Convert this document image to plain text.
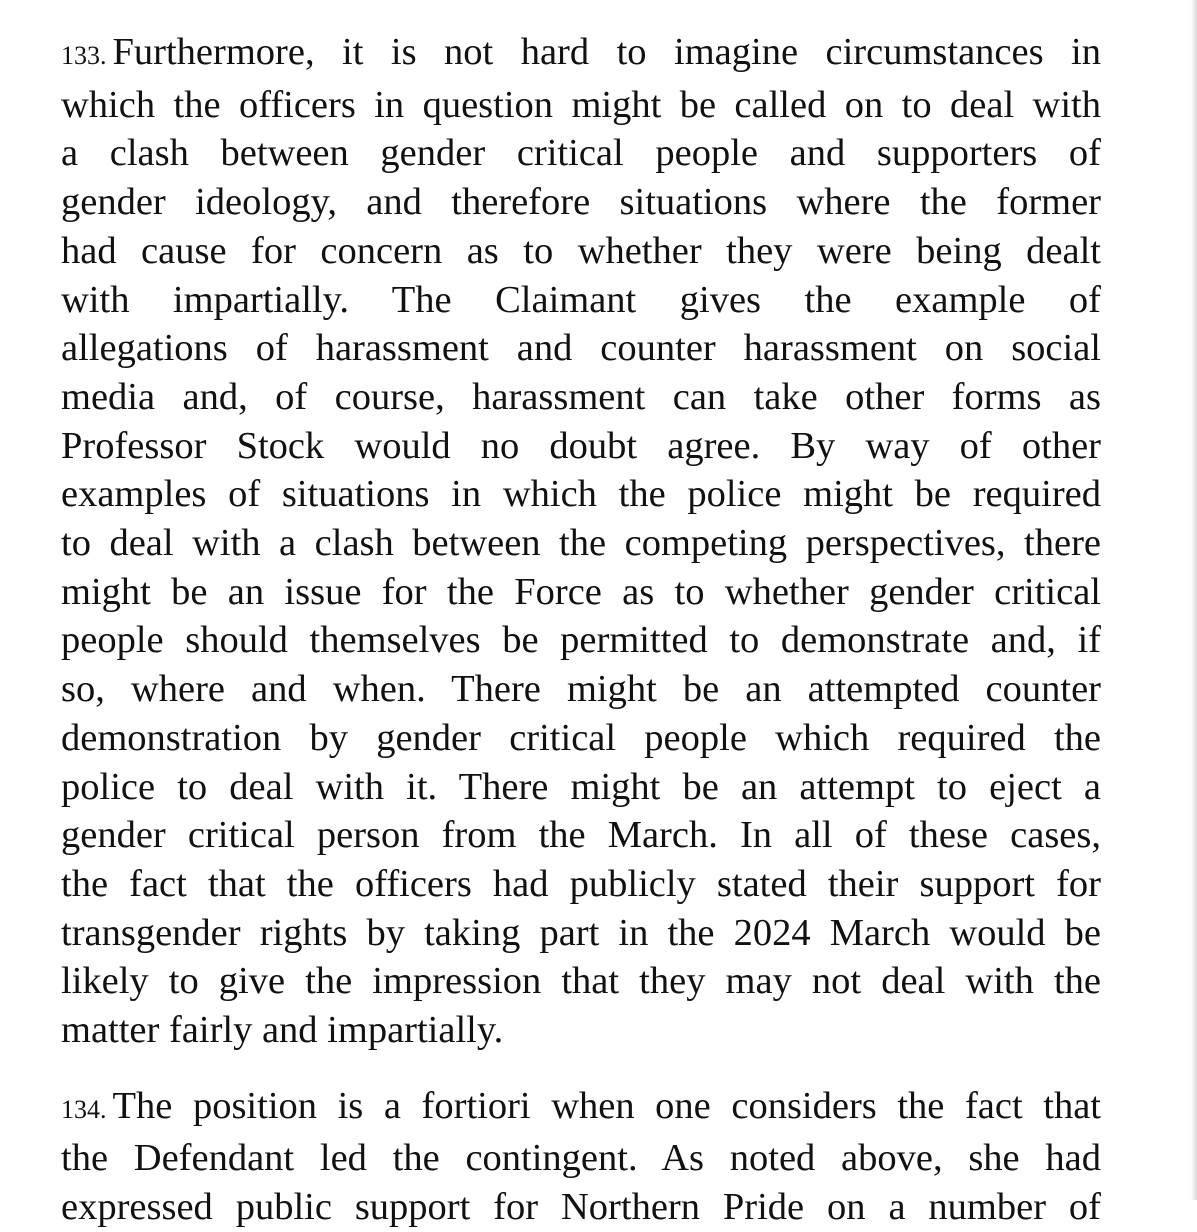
133. Furthermore, it is not hard to imagine circumstances in
which the officers in question might be called on to deal with
a clash between gender critical people and supporters of
gender ideology, and therefore situations where the former
had cause for concern as to whether they were being dealt
with impartially. The Claimant gives the example of
allegations of harassment and counter harassment on social
media and, of course, harassment can take other forms as
Professor Stock would no doubt agree. By way of other
examples of situations in which the police might be required
to deal with a clash between the competing perspectives, there
might be an issue for the Force as to whether gender critical
people should themselves be permitted to demonstrate and, if
so, where and when. There might be an attempted counter
demonstration by gender critical people which required the
police to deal with it. There might be an attempt to eject a
gender critical person from the March. In all of these cases,
the fact that the officers had publicly stated their support for
transgender rights by taking part in the 2024 March would be
likely to give the impression that they may not deal with the
matter fairly and impartially.

134. The position is a fortiori when one considers the fact that
the Defendant led the contingent. As noted above, she had
expressed public support for Northern Pride on a number of
